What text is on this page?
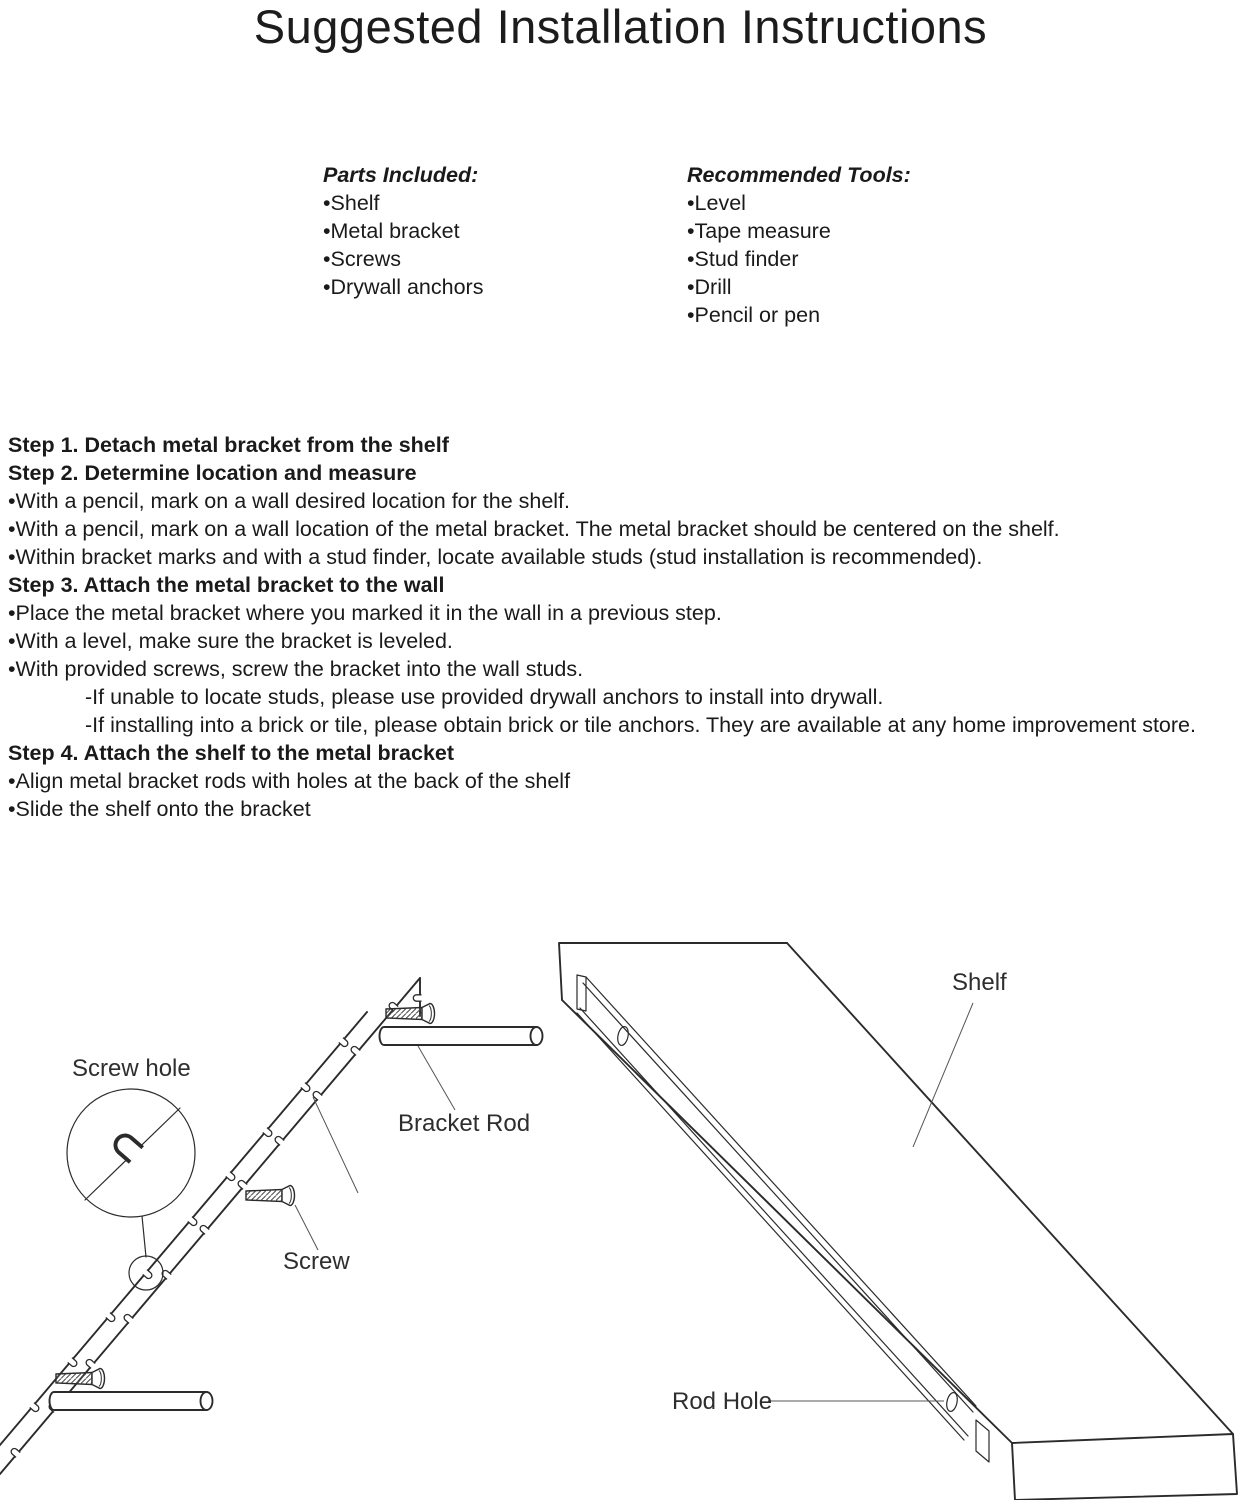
Suggested Installation Instructions
Parts Included:
•Shelf
•Metal bracket
•Screws
•Drywall anchors
Recommended Tools:
•Level
•Tape measure
•Stud finder
•Drill
•Pencil or pen
Step 1. Detach metal bracket from the shelf
Step 2. Determine location and measure
•With a pencil, mark on a wall desired location for the shelf.
•With a pencil, mark on a wall location of the metal bracket. The metal bracket should be centered on the shelf.
•Within bracket marks and with a stud finder, locate available studs (stud installation is recommended).
Step 3. Attach the metal bracket to the wall
•Place the metal bracket where you marked it in the wall in a previous step.
•With a level, make sure the bracket is leveled.
•With provided screws, screw the bracket into the wall studs.
-If unable to locate studs, please use provided drywall anchors to install into drywall.
-If installing into a brick or tile, please obtain brick or tile anchors. They are available at any home improvement store.
Step 4. Attach the shelf to the metal bracket
•Align metal bracket rods with holes at the back of the shelf
•Slide the shelf onto the bracket
Shelf
Screw hole
Bracket Rod
Screw
Rod Hole
